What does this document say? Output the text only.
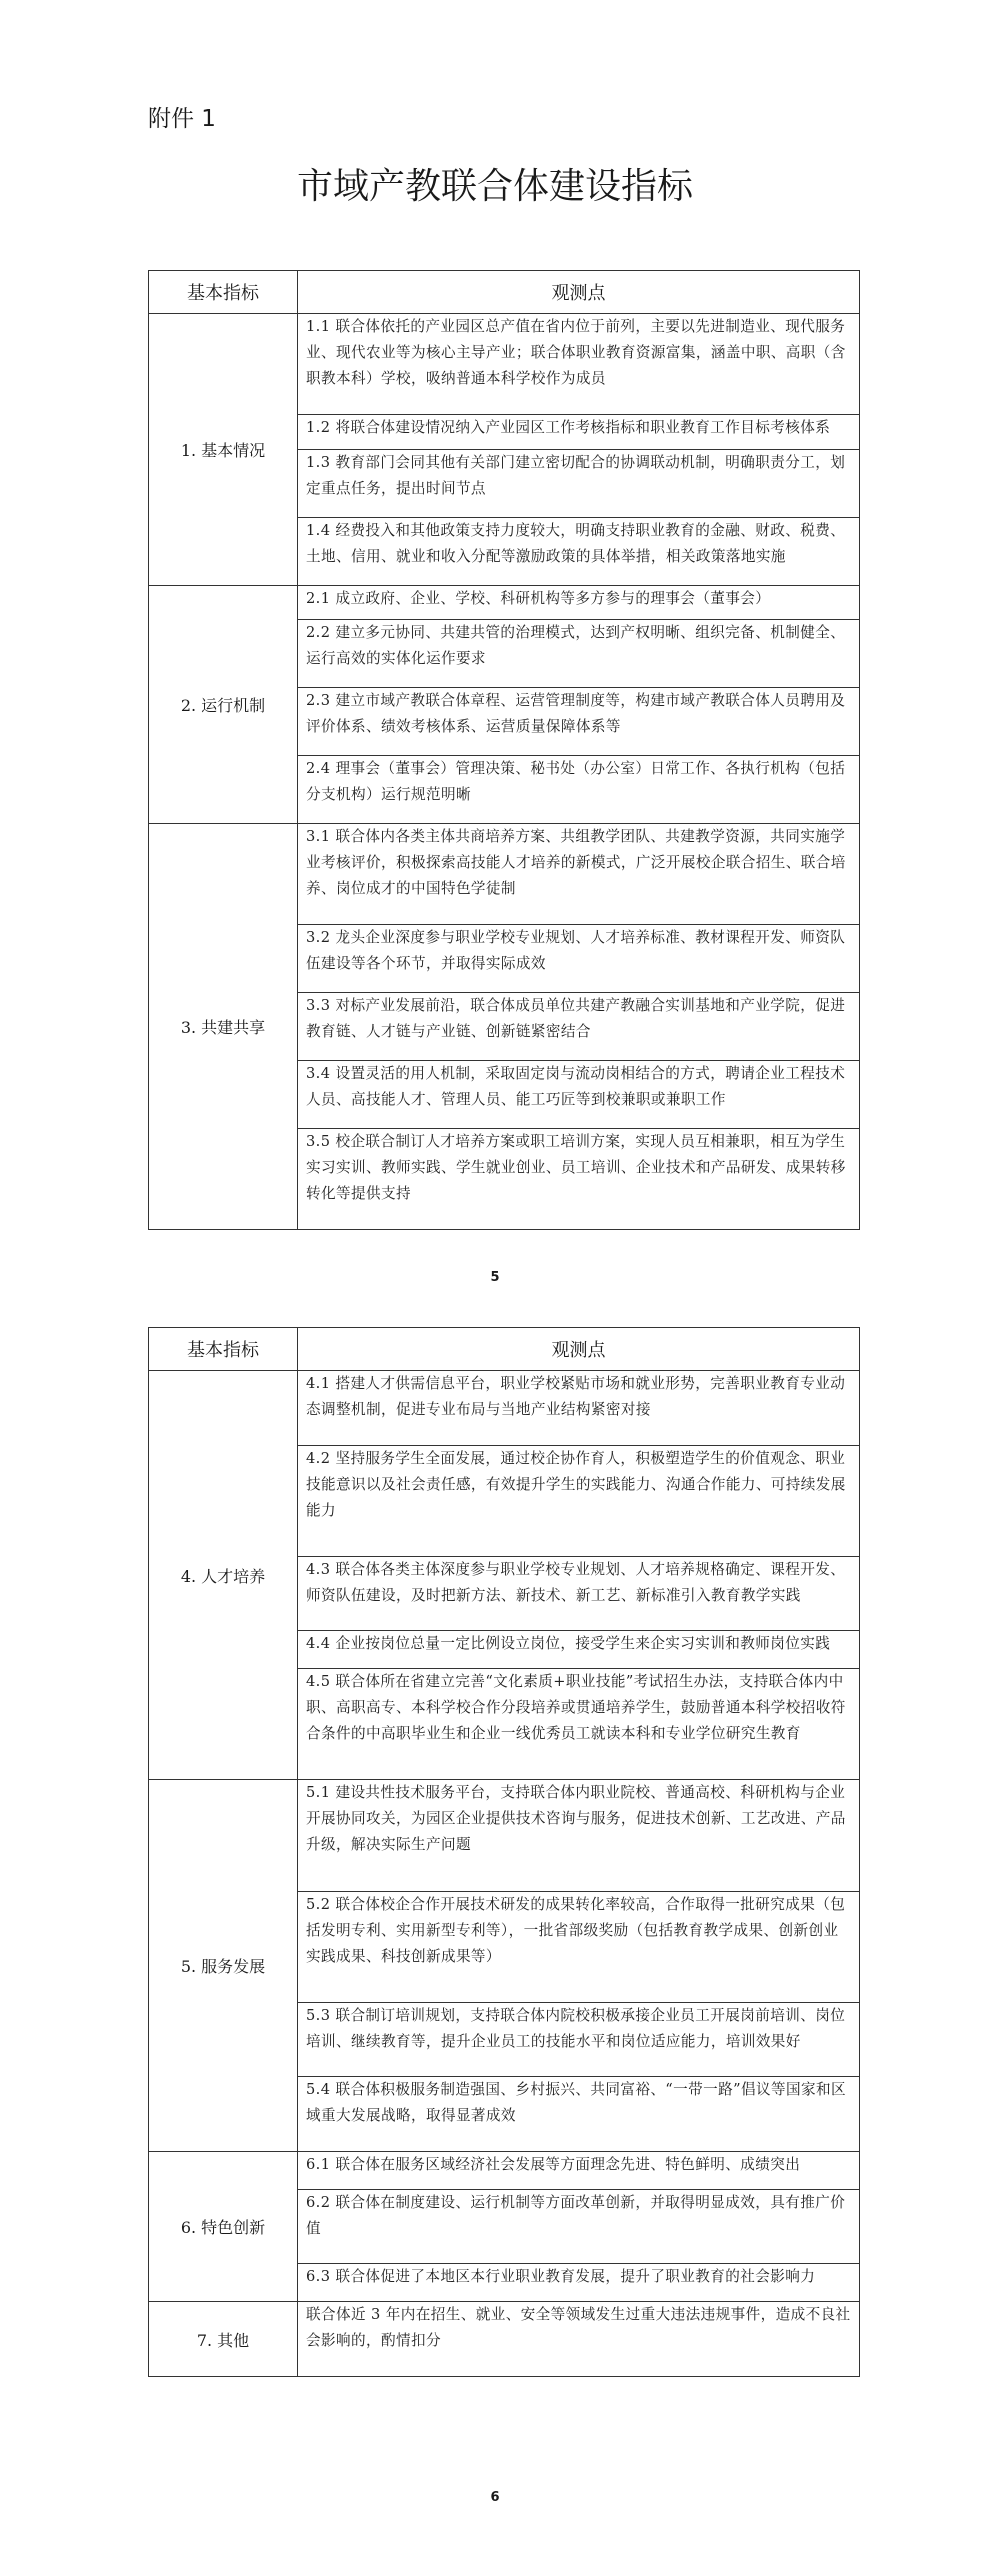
附件 1
市域产教联合体建设指标
基本指标	观测点
1. 基本情况	1.1 联合体依托的产业园区总产值在省内位于前列，主要以先进制造业、现代服务业、现代农业等为核心主导产业；联合体职业教育资源富集，涵盖中职、高职（含职教本科）学校，吸纳普通本科学校作为成员
	1.2 将联合体建设情况纳入产业园区工作考核指标和职业教育工作目标考核体系
	1.3 教育部门会同其他有关部门建立密切配合的协调联动机制，明确职责分工，划定重点任务，提出时间节点
	1.4 经费投入和其他政策支持力度较大，明确支持职业教育的金融、财政、税费、土地、信用、就业和收入分配等激励政策的具体举措，相关政策落地实施
2. 运行机制	2.1 成立政府、企业、学校、科研机构等多方参与的理事会（董事会）
	2.2 建立多元协同、共建共管的治理模式，达到产权明晰、组织完备、机制健全、运行高效的实体化运作要求
	2.3 建立市域产教联合体章程、运营管理制度等，构建市域产教联合体人员聘用及评价体系、绩效考核体系、运营质量保障体系等
	2.4 理事会（董事会）管理决策、秘书处（办公室）日常工作、各执行机构（包括分支机构）运行规范明晰
3. 共建共享	3.1 联合体内各类主体共商培养方案、共组教学团队、共建教学资源，共同实施学业考核评价，积极探索高技能人才培养的新模式，广泛开展校企联合招生、联合培养、岗位成才的中国特色学徒制
	3.2 龙头企业深度参与职业学校专业规划、人才培养标准、教材课程开发、师资队伍建设等各个环节，并取得实际成效
	3.3 对标产业发展前沿，联合体成员单位共建产教融合实训基地和产业学院，促进教育链、人才链与产业链、创新链紧密结合
	3.4 设置灵活的用人机制，采取固定岗与流动岗相结合的方式，聘请企业工程技术人员、高技能人才、管理人员、能工巧匠等到校兼职或兼职工作
	3.5 校企联合制订人才培养方案或职工培训方案，实现人员互相兼职，相互为学生实习实训、教师实践、学生就业创业、员工培训、企业技术和产品研发、成果转移转化等提供支持
5
基本指标	观测点
4. 人才培养	4.1 搭建人才供需信息平台，职业学校紧贴市场和就业形势，完善职业教育专业动态调整机制，促进专业布局与当地产业结构紧密对接
	4.2 坚持服务学生全面发展，通过校企协作育人，积极塑造学生的价值观念、职业技能意识以及社会责任感，有效提升学生的实践能力、沟通合作能力、可持续发展能力
	4.3 联合体各类主体深度参与职业学校专业规划、人才培养规格确定、课程开发、师资队伍建设，及时把新方法、新技术、新工艺、新标准引入教育教学实践
	4.4 企业按岗位总量一定比例设立岗位，接受学生来企实习实训和教师岗位实践
	4.5 联合体所在省建立完善“文化素质+职业技能”考试招生办法，支持联合体内中职、高职高专、本科学校合作分段培养或贯通培养学生，鼓励普通本科学校招收符合条件的中高职毕业生和企业一线优秀员工就读本科和专业学位研究生教育
5. 服务发展	5.1 建设共性技术服务平台，支持联合体内职业院校、普通高校、科研机构与企业开展协同攻关，为园区企业提供技术咨询与服务，促进技术创新、工艺改进、产品升级，解决实际生产问题
	5.2 联合体校企合作开展技术研发的成果转化率较高，合作取得一批研究成果（包括发明专利、实用新型专利等），一批省部级奖励（包括教育教学成果、创新创业实践成果、科技创新成果等）
	5.3 联合制订培训规划，支持联合体内院校积极承接企业员工开展岗前培训、岗位培训、继续教育等，提升企业员工的技能水平和岗位适应能力，培训效果好
	5.4 联合体积极服务制造强国、乡村振兴、共同富裕、“一带一路”倡议等国家和区域重大发展战略，取得显著成效
6. 特色创新	6.1 联合体在服务区域经济社会发展等方面理念先进、特色鲜明、成绩突出
	6.2 联合体在制度建设、运行机制等方面改革创新，并取得明显成效，具有推广价值
	6.3 联合体促进了本地区本行业职业教育发展，提升了职业教育的社会影响力
7. 其他	联合体近 3 年内在招生、就业、安全等领域发生过重大违法违规事件，造成不良社会影响的，酌情扣分
6
